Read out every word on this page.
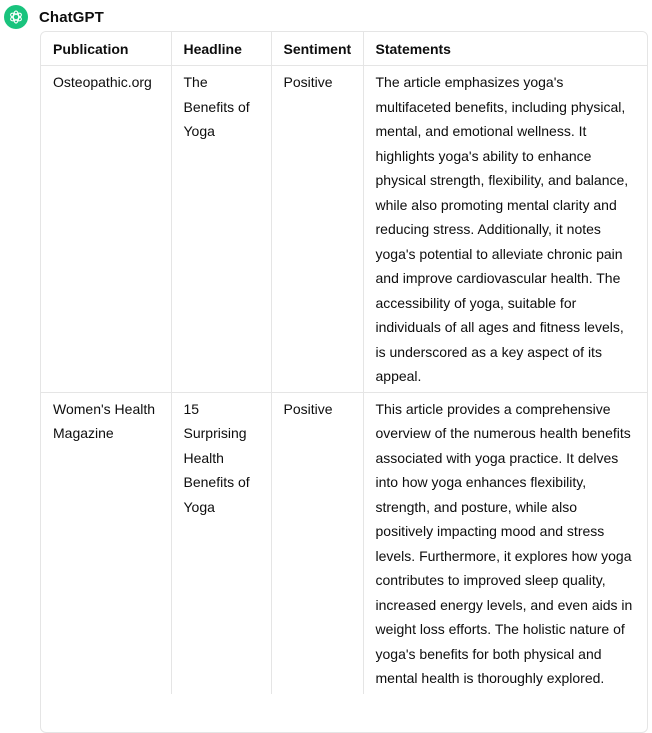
ChatGPT
Publication	Headline	Sentiment	Statements
Osteopathic.org	The Benefits of Yoga	Positive	The article emphasizes yoga's multifaceted benefits, including physical, mental, and emotional wellness. It highlights yoga's ability to enhance physical strength, flexibility, and balance, while also promoting mental clarity and reducing stress. Additionally, it notes yoga's potential to alleviate chronic pain and improve cardiovascular health. The accessibility of yoga, suitable for individuals of all ages and fitness levels, is underscored as a key aspect of its appeal.
Women's Health Magazine	15 Surprising Health Benefits of Yoga	Positive	This article provides a comprehensive overview of the numerous health benefits associated with yoga practice. It delves into how yoga enhances flexibility, strength, and posture, while also positively impacting mood and stress levels. Furthermore, it explores how yoga contributes to improved sleep quality, increased energy levels, and even aids in weight loss efforts. The holistic nature of yoga's benefits for both physical and mental health is thoroughly explored.
